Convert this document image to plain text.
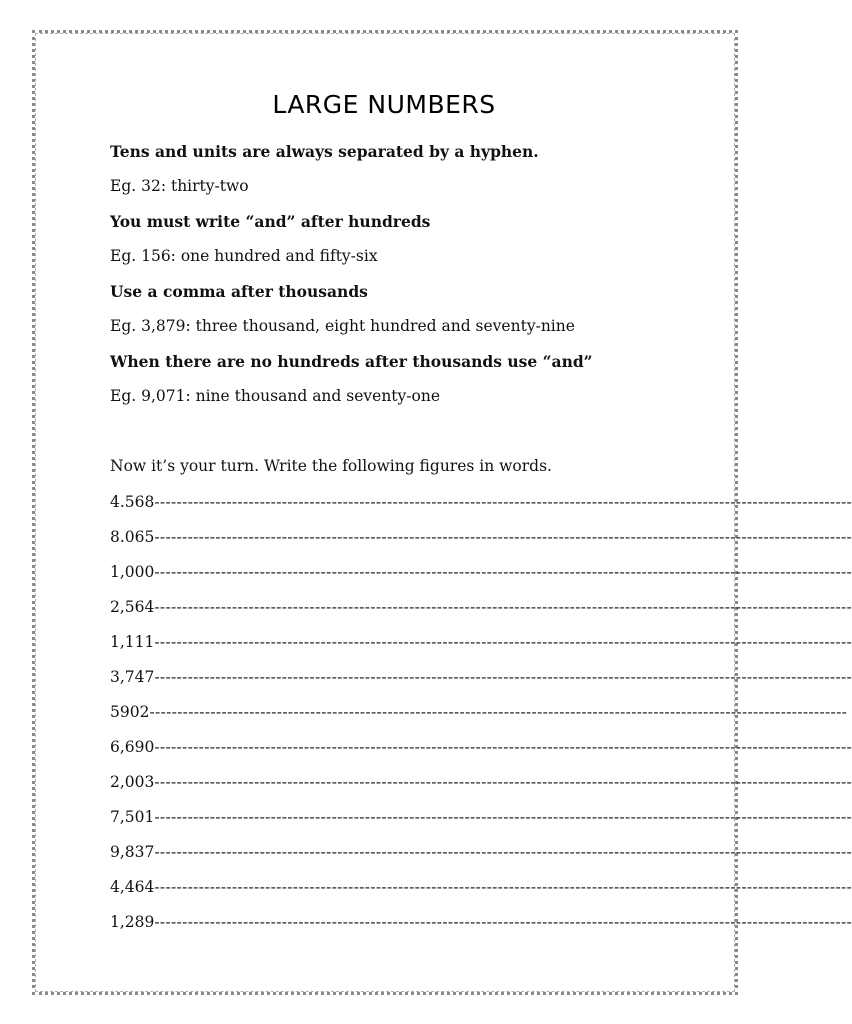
LARGE NUMBERS
Tens and units are always separated by a hyphen.
Eg. 32: thirty-two
You must write “and” after hundreds
Eg. 156: one hundred and fifty-six
Use a comma after thousands
Eg. 3,879: three thousand, eight hundred and seventy-nine
When there are no hundreds after thousands use “and”
Eg. 9,071: nine thousand and seventy-one
Now it’s your turn. Write the following figures in words.
4.568 ------------------------------------------------------------------------------------------------------------------------------
8.065 ------------------------------------------------------------------------------------------------------------------------------
1,000 ------------------------------------------------------------------------------------------------------------------------------
2,564 ------------------------------------------------------------------------------------------------------------------------------
1,111 ------------------------------------------------------------------------------------------------------------------------------
3,747 ------------------------------------------------------------------------------------------------------------------------------
5902 ------------------------------------------------------------------------------------------------------------------------------
6,690 ------------------------------------------------------------------------------------------------------------------------------
2,003 ------------------------------------------------------------------------------------------------------------------------------
7,501 ------------------------------------------------------------------------------------------------------------------------------
9,837 ------------------------------------------------------------------------------------------------------------------------------
4,464 ------------------------------------------------------------------------------------------------------------------------------
1,289 ------------------------------------------------------------------------------------------------------------------------------
